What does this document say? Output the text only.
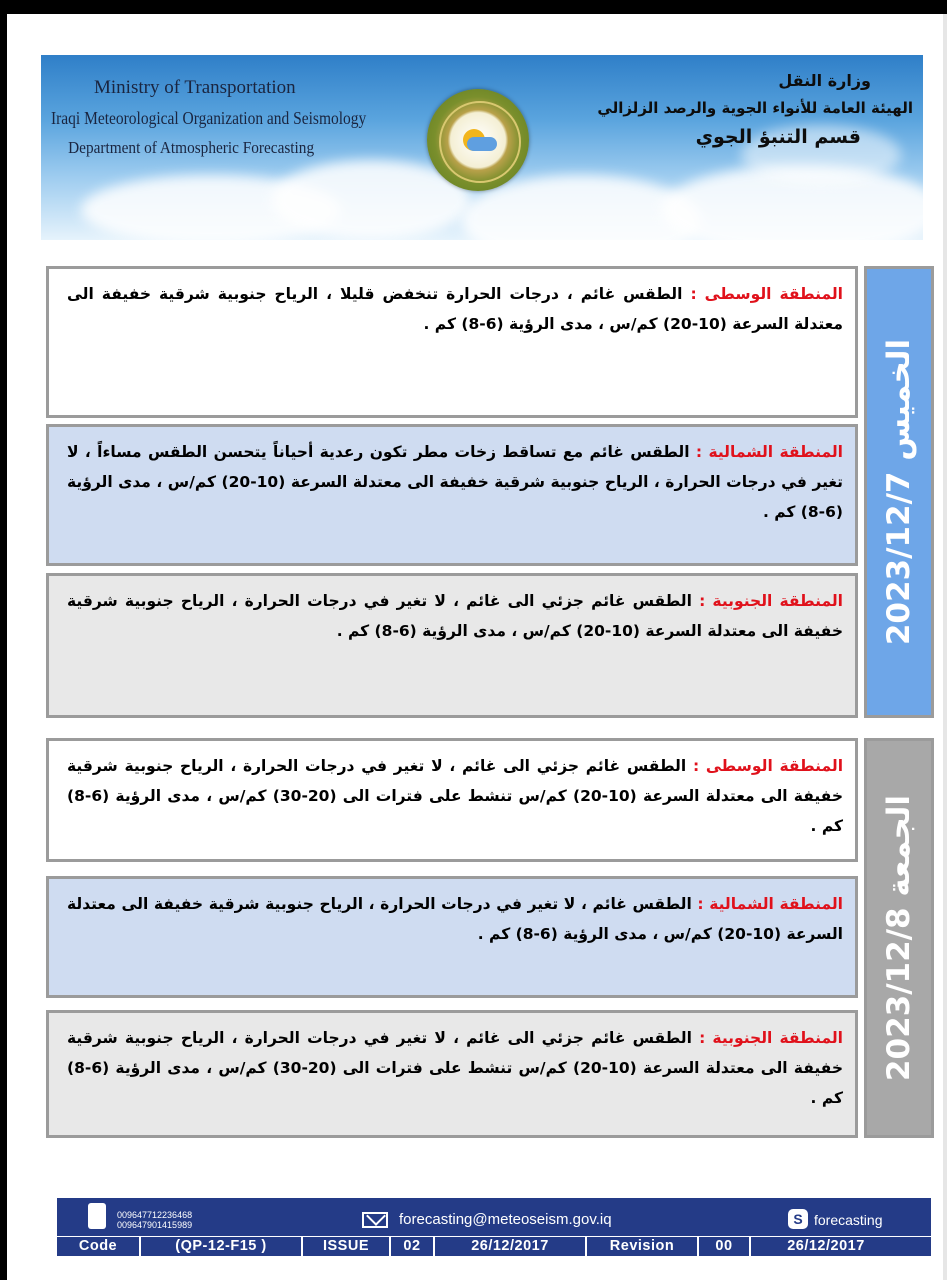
Ministry of Transportation
Iraqi Meteorological Organization and Seismology
Department of Atmospheric Forecasting
وزارة النقل
الهيئة العامة للأنواء الجوية والرصد الزلزالي
قسم التنبؤ الجوي
المنطقة الوسطى : الطقس غائم ، درجات الحرارة تنخفض قليلا ، الرياح جنوبية شرقية خفيفة الى معتدلة السرعة (10-20) كم/س ، مدى الرؤية (6-8) كم .
المنطقة الشمالية : الطقس غائم مع تساقط زخات مطر تكون رعدية أحياناً يتحسن الطقس مساءاً ، لا تغير في درجات الحرارة ، الرياح جنوبية شرقية خفيفة الى معتدلة السرعة (10-20) كم/س ، مدى الرؤية (6-8) كم .
المنطقة الجنوبية : الطقس غائم جزئي الى غائم ، لا تغير في درجات الحرارة ، الرياح جنوبية شرقية خفيفة الى معتدلة السرعة (10-20) كم/س ، مدى الرؤية (6-8) كم .	الخميس 2023/12/7
المنطقة الوسطى : الطقس غائم جزئي الى غائم ، لا تغير في درجات الحرارة ، الرياح جنوبية شرقية خفيفة الى معتدلة السرعة (10-20) كم/س تنشط على فترات الى (20-30) كم/س ، مدى الرؤية (6-8) كم .
المنطقة الشمالية : الطقس غائم ، لا تغير في درجات الحرارة ، الرياح جنوبية شرقية خفيفة الى معتدلة السرعة (10-20) كم/س ، مدى الرؤية (6-8) كم .
المنطقة الجنوبية : الطقس غائم جزئي الى غائم ، لا تغير في درجات الحرارة ، الرياح جنوبية شرقية خفيفة الى معتدلة السرعة (10-20) كم/س تنشط على فترات الى (20-30) كم/س ، مدى الرؤية (6-8) كم .
الجمعة 2023/12/8
009647712236468
009647901415989	forecasting@meteoseism.gov.iq	S forecasting
Code	(QP-12-F15 )	ISSUE	02	26/12/2017	Revision	00	26/12/2017
